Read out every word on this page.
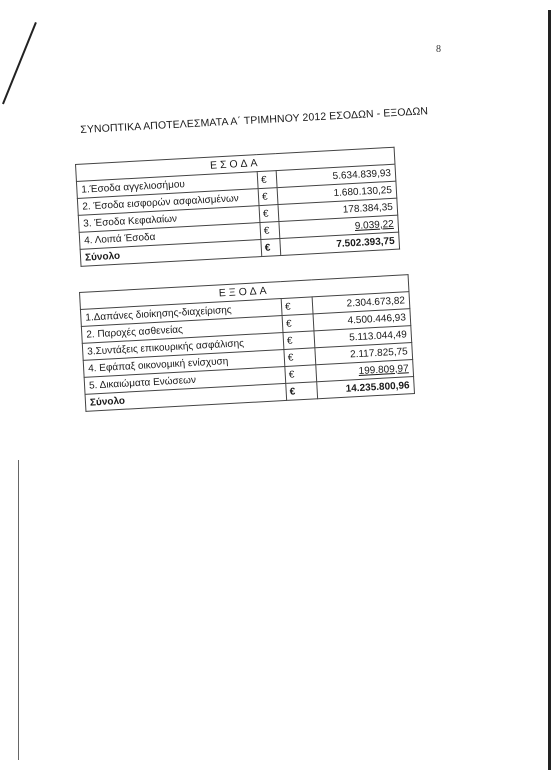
8
ΣΥΝΟΠΤΙΚΑ ΑΠΟΤΕΛΕΣΜΑΤΑ Α΄ ΤΡΙΜΗΝΟΥ 2012 ΕΣΟΔΩΝ - ΕΞΟΔΩΝ
ΕΣΟΔΑ		
1.Έσοδα αγγελιοσήμου	€	5.634.839,93
2. Έσοδα εισφορών ασφαλισμένων	€	1.680.130,25
3. Έσοδα Κεφαλαίων	€	178.384,35
4. Λοιπά Έσοδα	€	9.039,22
Σύνολο	€	7.502.393,75
ΕΞΟΔΑ		
1.Δαπάνες διοίκησης-διαχείρισης	€	2.304.673,82
2. Παροχές ασθενείας	€	4.500.446,93
3.Συντάξεις επικουρικής ασφάλισης	€	5.113.044,49
4. Εφάπαξ οικονομική ενίσχυση	€	2.117.825,75
5. Δικαιώματα Ενώσεων	€	199.809,97
Σύνολο	€	14.235.800,96
